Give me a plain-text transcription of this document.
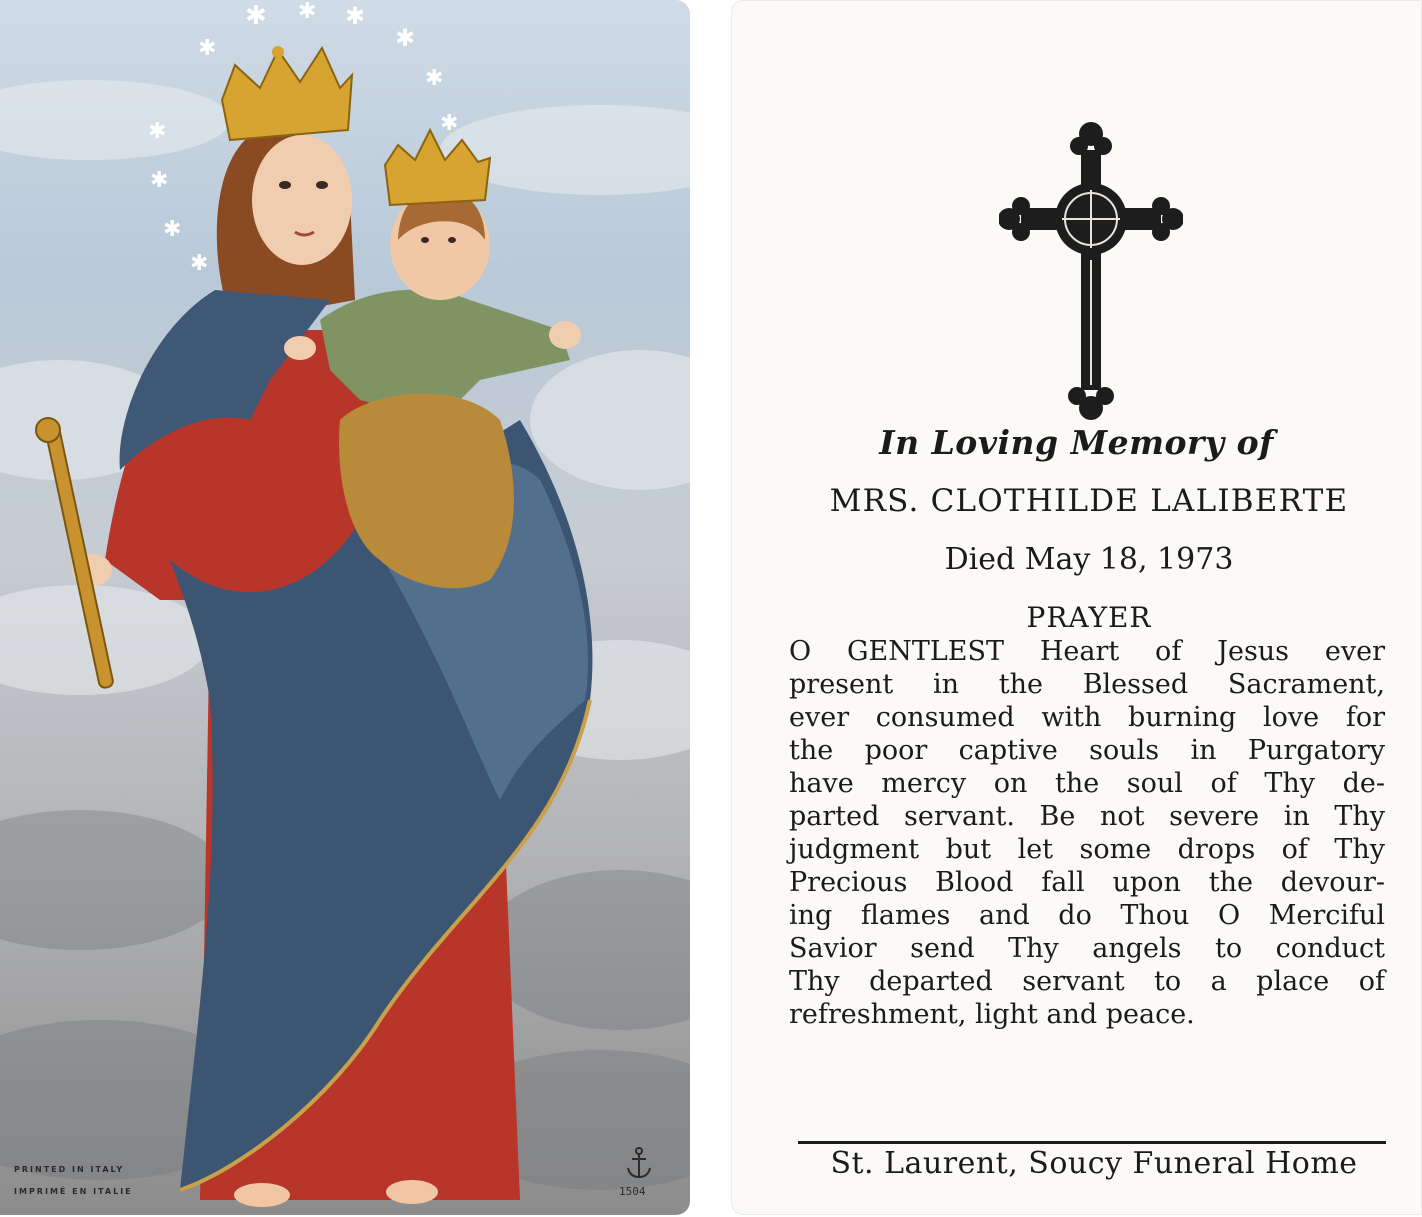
✱ ✱ ✱
✱
✱
✱
✱	✱
✱
✱
✱
PRINTED IN ITALY
IMPRIMÉ EN ITALIE	1504
In Loving Memory of
MRS. CLOTHILDE LALIBERTE
Died May 18, 1973
PRAYER
O GENTLEST Heart of Jesus ever
present in the Blessed Sacrament,
ever consumed with burning love for
the poor captive souls in Purgatory
have mercy on the soul of Thy de-
parted servant. Be not severe in Thy
judgment but let some drops of Thy
Precious Blood fall upon the devour-
ing flames and do Thou O Merciful
Savior send Thy angels to conduct
Thy departed servant to a place of
refreshment, light and peace.
St. Laurent, Soucy Funeral Home
